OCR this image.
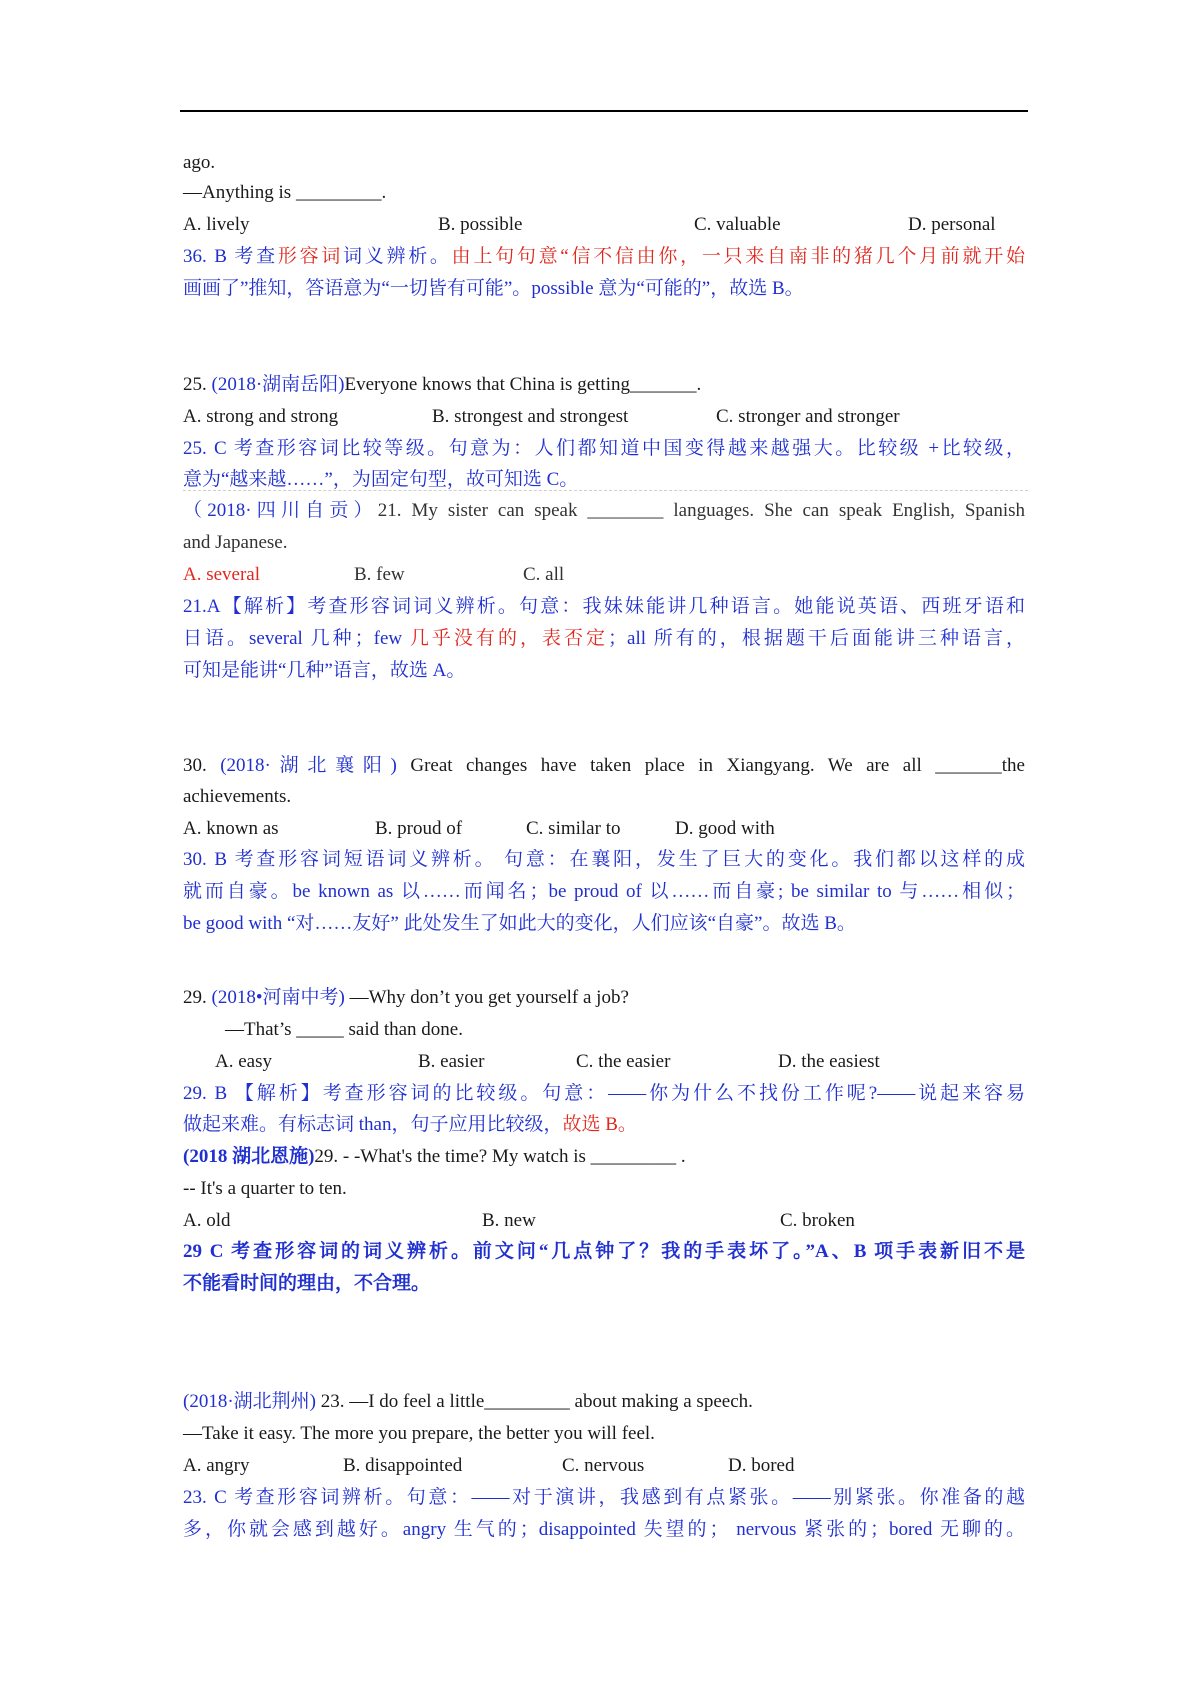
ago.
—Anything is _________.
A. lively	B. possible	C. valuable	D. personal
36. B 考查形容词词义辨析。由上句句意“信不信由你，一只来自南非的猪几个月前就开始
画画了”推知，答语意为“一切皆有可能”。possible 意为“可能的”，故选 B。
25. (2018·湖南岳阳)Everyone knows that China is getting_______.
A. strong and strong	B. strongest and strongest	C. stronger and stronger
25. C 考查形容词比较等级。句意为：人们都知道中国变得越来越强大。比较级 +比较级，
意为“越来越……”，为固定句型，故可知选 C。
（2018·四川自贡）21. My sister can speak ________ languages. She can speak English, Spanish
and Japanese.
A. several	B. few	C. all
21.A【解析】考查形容词词义辨析。句意：我妹妹能讲几种语言。她能说英语、西班牙语和
日语。several 几种；few 几乎没有的，表否定；all 所有的，根据题干后面能讲三种语言，
可知是能讲“几种”语言，故选 A。
30. (2018·湖北襄阳) Great changes have taken place in Xiangyang. We are all _______the
achievements.
A. known as	B. proud of	C. similar to	D. good with
30. B 考查形容词短语词义辨析。 句意：在襄阳，发生了巨大的变化。我们都以这样的成
就而自豪。be known as 以……而闻名；be proud of 以……而自豪; be similar to 与……相似；
be good with “对……友好” 此处发生了如此大的变化，人们应该“自豪”。故选 B。
29. (2018•河南中考) —Why don’t you get yourself a job?
—That’s _____ said than done.
A. easy	B. easier	C. the easier	D. the easiest
29. B 【解析】考查形容词的比较级。句意：——你为什么不找份工作呢?——说起来容易
做起来难。有标志词 than，句子应用比较级，故选 B。
(2018 湖北恩施)29. - -What's the time? My watch is _________ .
-- It's a quarter to ten.
A. old	B. new	C. broken
29 C 考查形容词的词义辨析。前文问“几点钟了？我的手表坏了。”A、B 项手表新旧不是
不能看时间的理由，不合理。
(2018·湖北荆州) 23. —I do feel a little_________ about making a speech.
—Take it easy. The more you prepare, the better you will feel.
A. angry	B. disappointed	C. nervous	D. bored
23. C 考查形容词辨析。句意：——对于演讲，我感到有点紧张。——别紧张。你准备的越
多，你就会感到越好。angry 生气的；disappointed 失望的； nervous 紧张的；bored 无聊的。
